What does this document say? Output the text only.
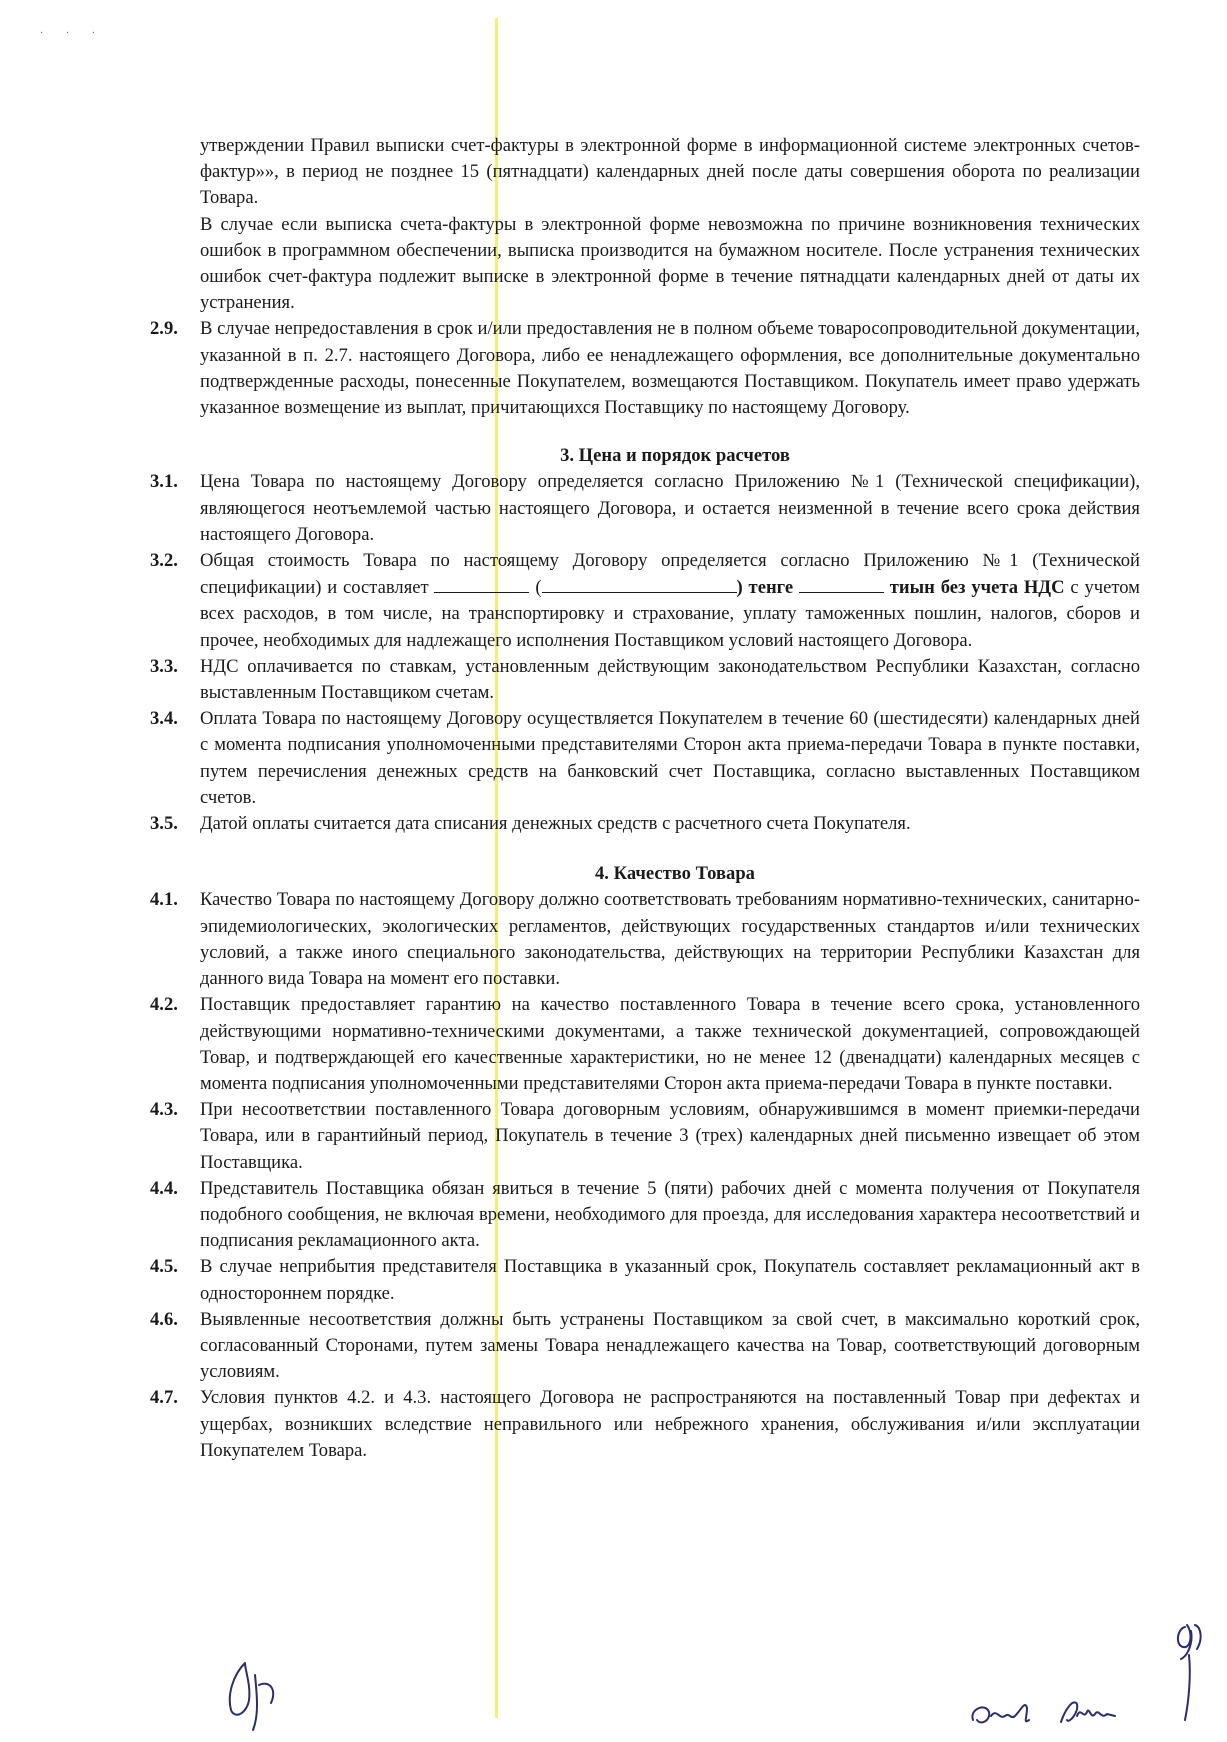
· · ·

утверждении Правил выписки счет-фактуры в электронной форме в информационной системе электронных счетов-фактур»», в период не позднее 15 (пятнадцати) календарных дней после даты совершения оборота по реализации Товара.

В случае если выписка счета-фактуры в электронной форме невозможна по причине возникновения технических ошибок в программном обеспечении, выписка производится на бумажном носителе. После устранения технических ошибок счет-фактура подлежит выписке в электронной форме в течение пятнадцати календарных дней от даты их устранения.

2.9.	В случае непредоставления в срок и/или предоставления не в полном объеме товаросопроводительной документации, указанной в п. 2.7. настоящего Договора, либо ее ненадлежащего оформления, все дополнительные документально подтвержденные расходы, понесенные Покупателем, возмещаются Поставщиком. Покупатель имеет право удержать указанное возмещение из выплат, причитающихся Поставщику по настоящему Договору.
3. Цена и порядок расчетов
3.1.	Цена Товара по настоящему Договору определяется согласно Приложению №1 (Технической спецификации), являющегося неотъемлемой частью настоящего Договора, и остается неизменной в течение всего срока действия настоящего Договора.
3.2.	Общая стоимость Товара по настоящему Договору определяется согласно Приложению №1 (Технической спецификации) и составляет	(	) тенге	тиын без учета НДС с учетом всех расходов, в том числе, на транспортировку и страхование, уплату таможенных пошлин, налогов, сборов и прочее, необходимых для надлежащего исполнения Поставщиком условий настоящего Договора.
3.3.	НДС оплачивается по ставкам, установленным действующим законодательством Республики Казахстан, согласно выставленным Поставщиком счетам.
3.4.	Оплата Товара по настоящему Договору осуществляется Покупателем в течение 60 (шестидесяти) календарных дней с момента подписания уполномоченными представителями Сторон акта приема-передачи Товара в пункте поставки, путем перечисления денежных средств на банковский счет Поставщика, согласно выставленных Поставщиком счетов.
3.5.	Датой оплаты считается дата списания денежных средств с расчетного счета Покупателя.
4. Качество Товара
4.1.	Качество Товара по настоящему Договору должно соответствовать требованиям нормативно-технических, санитарно-эпидемиологических, экологических регламентов, действующих государственных стандартов и/или технических условий, а также иного специального законодательства, действующих на территории Республики Казахстан для данного вида Товара на момент его поставки.
4.2.	Поставщик предоставляет гарантию на качество поставленного Товара в течение всего срока, установленного действующими нормативно-техническими документами, а также технической документацией, сопровождающей Товар, и подтверждающей его качественные характеристики, но не менее 12 (двенадцати) календарных месяцев с момента подписания уполномоченными представителями Сторон акта приема-передачи Товара в пункте поставки.
4.3.	При несоответствии поставленного Товара договорным условиям, обнаружившимся в момент приемки-передачи Товара, или в гарантийный период, Покупатель в течение 3 (трех) календарных дней письменно извещает об этом Поставщика.
4.4.	Представитель Поставщика обязан явиться в течение 5 (пяти) рабочих дней с момента получения от Покупателя подобного сообщения, не включая времени, необходимого для проезда, для исследования характера несоответствий и подписания рекламационного акта.
4.5.	В случае неприбытия представителя Поставщика в указанный срок, Покупатель составляет рекламационный акт в одностороннем порядке.
4.6.	Выявленные несоответствия должны быть устранены Поставщиком за свой счет, в максимально короткий срок, согласованный Сторонами, путем замены Товара ненадлежащего качества на Товар, соответствующий договорным условиям.
4.7.	Условия пунктов 4.2. и 4.3. настоящего Договора не распространяются на поставленный Товар при дефектах и ущербах, возникших вследствие неправильного или небрежного хранения, обслуживания и/или эксплуатации Покупателем Товара.
